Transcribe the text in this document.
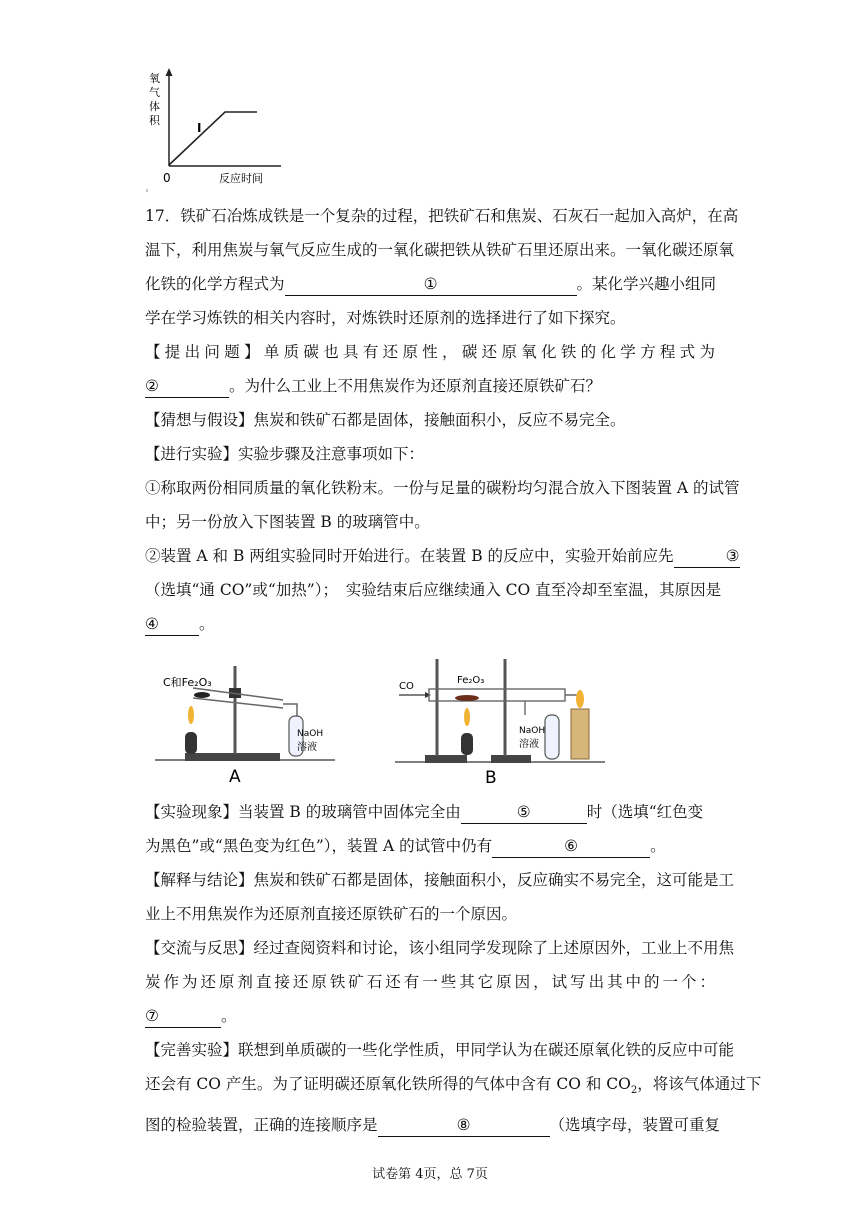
氧
气
体
积
I
0	反应时间
17．铁矿石冶炼成铁是一个复杂的过程，把铁矿石和焦炭、石灰石一起加入高炉，在高
温下，利用焦炭与氧气反应生成的一氧化碳把铁从铁矿石里还原出来。一氧化碳还原氧
化铁的化学方程式为	①	。某化学兴趣小组同
学在学习炼铁的相关内容时，对炼铁时还原剂的选择进行了如下探究。
【提出问题】单质碳也具有还原性，碳还原氧化铁的化学方程式为
②	。为什么工业上不用焦炭作为还原剂直接还原铁矿石？
【猜想与假设】焦炭和铁矿石都是固体，接触面积小，反应不易完全。
【进行实验】实验步骤及注意事项如下：
①称取两份相同质量的氧化铁粉末。一份与足量的碳粉均匀混合放入下图装置 A 的试管
中；另一份放入下图装置 B 的玻璃管中。
②装置 A 和 B 两组实验同时开始进行。在装置 B 的反应中，实验开始前应先	③
（选填“通 CO”或“加热”）；　实验结束后应继续通入 CO 直至冷却至室温，其原因是
④	。
C和Fe₂O₃
NaOH
溶液
A
CO
Fe₂O₃
NaOH
溶液
B
【实验现象】当装置 B 的玻璃管中固体完全由	⑤	时（选填“红色变
为黑色”或“黑色变为红色”），装置 A 的试管中仍有	⑥	。
【解释与结论】焦炭和铁矿石都是固体，接触面积小，反应确实不易完全，这可能是工
业上不用焦炭作为还原剂直接还原铁矿石的一个原因。
【交流与反思】经过查阅资料和讨论，该小组同学发现除了上述原因外，工业上不用焦
炭作为还原剂直接还原铁矿石还有一些其它原因，试写出其中的一个：
⑦	。
【完善实验】联想到单质碳的一些化学性质，甲同学认为在碳还原氧化铁的反应中可能
还会有 CO 产生。为了证明碳还原氧化铁所得的气体中含有 CO 和 $CO_2$，将该气体通过下
图的检验装置，正确的连接顺序是	⑧	（选填字母，装置可重复
试卷第 4页，总 7页
